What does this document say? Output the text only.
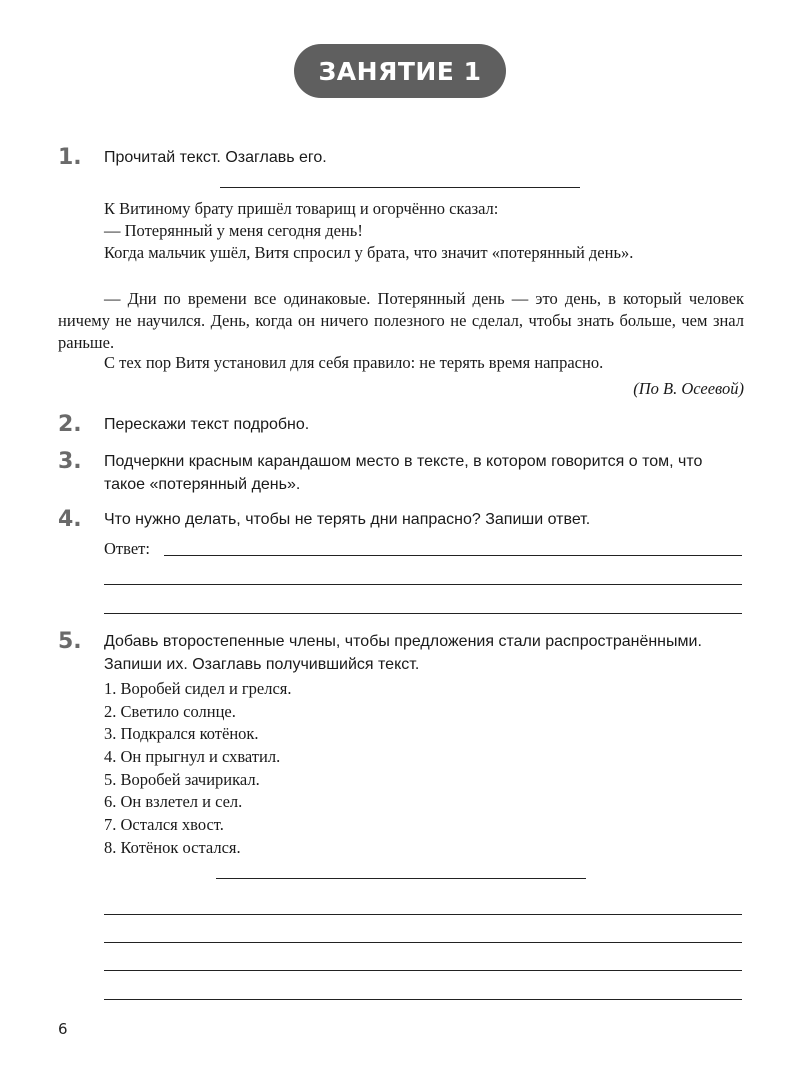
ЗАНЯТИЕ 1
1. Прочитай текст. Озаглавь его.
К Витиному брату пришёл товарищ и огорчённо сказал:
— Потерянный у меня сегодня день!
Когда мальчик ушёл, Витя спросил у брата, что значит «потерянный день».
— Дни по времени все одинаковые. Потерянный день — это день, в который человек ничему не научился. День, когда он ничего полезного не сделал, чтобы знать больше, чем знал раньше.
С тех пор Витя установил для себя правило: не терять время напрасно.
(По В. Осеевой)
2. Перескажи текст подробно.
3. Подчеркни красным карандашом место в тексте, в котором говорится о том, что такое «потерянный день».
4. Что нужно делать, чтобы не терять дни напрасно? Запиши ответ.
Ответ:
5. Добавь второстепенные члены, чтобы предложения стали распространёнными. Запиши их. Озаглавь получившийся текст.
1. Воробей сидел и грелся.
2. Светило солнце.
3. Подкрался котёнок.
4. Он прыгнул и схватил.
5. Воробей зачирикал.
6. Он взлетел и сел.
7. Остался хвост.
8. Котёнок остался.
6
